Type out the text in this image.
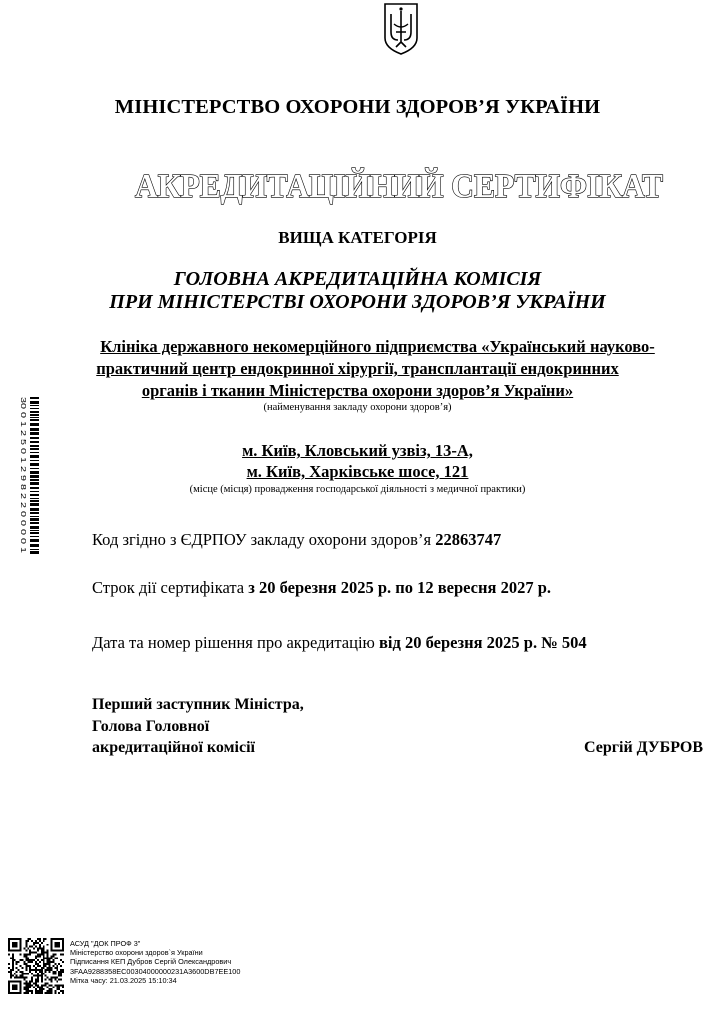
МІНІСТЕРСТВО ОХОРОНИ ЗДОРОВ’Я УКРАЇНИ
АКРЕДИТАЦІЙНИЙ СЕРТИФІКАТ
ВИЩА КАТЕГОРІЯ
ГОЛОВНА АКРЕДИТАЦІЙНА КОМІСІЯ
ПРИ МІНІСТЕРСТВІ ОХОРОНИ ЗДОРОВ’Я УКРАЇНИ
Клініка державного некомерційного підприємства «Український науково-
практичний центр ендокринної хірургії, трансплантації ендокринних
органів і тканин Міністерства охорони здоров’я України»
(найменування закладу охорони здоров’я)
м. Київ, Кловський узвіз, 13-А,
м. Київ, Харківське шосе, 121
(місце (місця) провадження господарської діяльності з медичної практики)
Код згідно з ЄДРПОУ закладу охорони здоров’я 22863747
Строк дії сертифіката з 20 березня 2025 р. по 12 вересня 2027 р.
Дата та номер рішення про акредитацію від 20 березня 2025 р. № 504
Перший заступник Міністра,
Голова Головної
акредитаційної комісії	Сергій ДУБРОВ
30 0 1 2 5 0 1 2 9 8 2 2 0 0 0 0 1
АСУД "ДОК ПРОФ 3"
Міністерство охорони здоров`я України
Підписання КЕП Дубров Сергій Олександрович
3FAA9288358EC00304000000231A3600DB7EE100
Мітка часу: 21.03.2025 15:10:34
